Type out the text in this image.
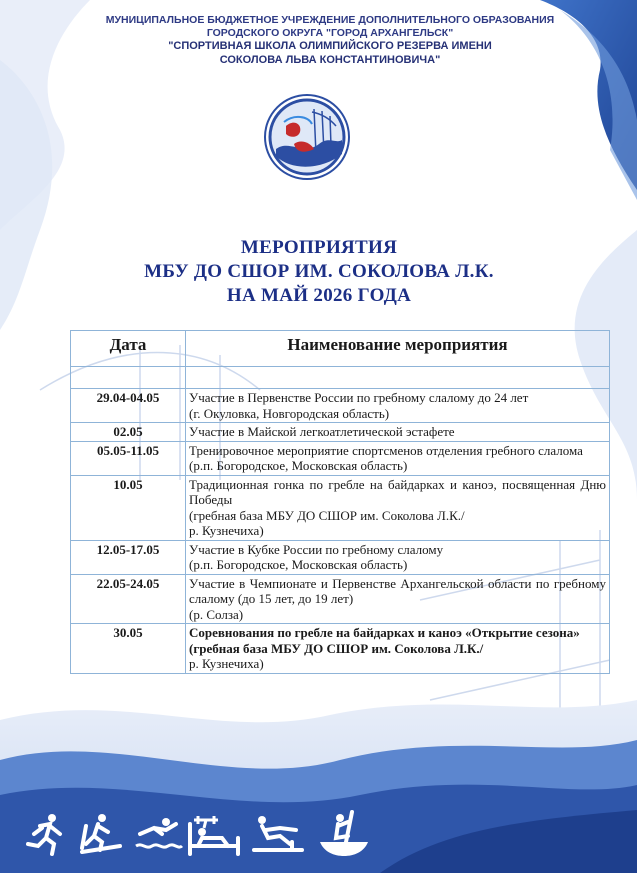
МУНИЦИПАЛЬНОЕ БЮДЖЕТНОЕ УЧРЕЖДЕНИЕ ДОПОЛНИТЕЛЬНОГО ОБРАЗОВАНИЯ
ГОРОДСКОГО ОКРУГА "ГОРОД АРХАНГЕЛЬСК"
"СПОРТИВНАЯ ШКОЛА ОЛИМПИЙСКОГО РЕЗЕРВА ИМЕНИ
СОКОЛОВА ЛЬВА КОНСТАНТИНОВИЧА"
МЕРОПРИЯТИЯ
МБУ ДО СШОР ИМ. СОКОЛОВА Л.К.
НА МАЙ 2026 ГОДА
Дата	Наименование мероприятия

29.04-04.05	Участие в Первенстве России по гребному слалому до 24 лет
(г. Окуловка, Новгородская область)

02.05	Участие в Майской легкоатлетической эстафете

05.05-11.05	Тренировочное мероприятие спортсменов отделения гребного слалома
(р.п. Богородское, Московская область)

10.05	Традиционная гонка по гребле на байдарках и каноэ, посвященная Дню Победы
(гребная база МБУ ДО СШОР им. Соколова Л.К./
р. Кузнечиха)

12.05-17.05	Участие в Кубке России по гребному слалому
(р.п. Богородское, Московская область)

22.05-24.05	Участие в Чемпионате и Первенстве Архангельской области по гребному слалому (до 15 лет, до 19 лет)
(р. Солза)

30.05	Соревнования по гребле на байдарках и каноэ «Открытие сезона»
(гребная база МБУ ДО СШОР им. Соколова Л.К./
р. Кузнечиха)
